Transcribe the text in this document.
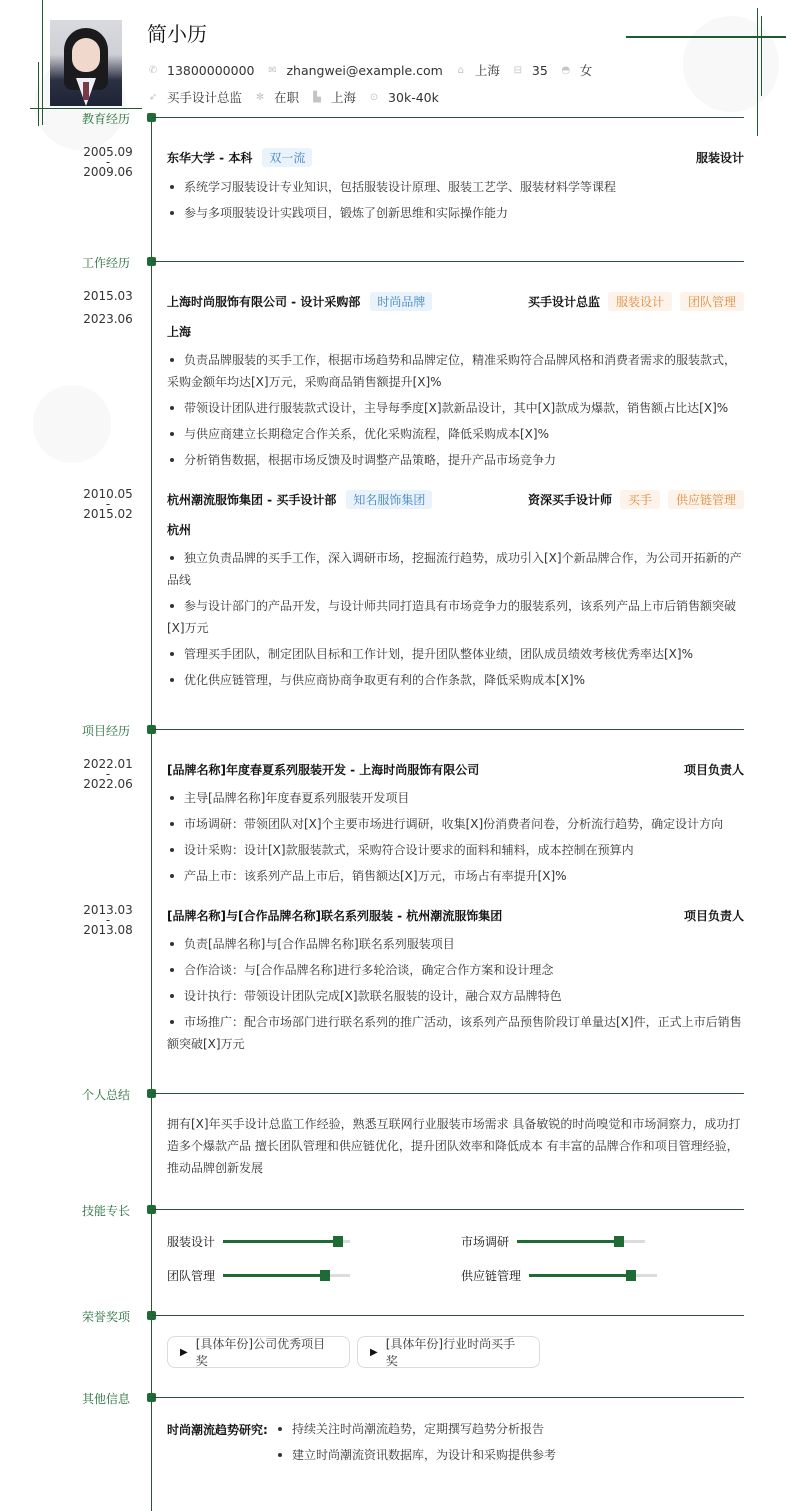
简小历
✆ 13800000000 ✉ zhangwei@example.com ⌂ 上海 ⊟ 35 ◓ 女
➶ 买手设计总监 ✻ 在职 ▙ 上海 ⊙ 30k-40k
教育经历
2005.09
-
2009.06
东华大学 - 本科	双一流	服装设计
系统学习服装设计专业知识，包括服装设计原理、服装工艺学、服装材料学等课程
参与多项服装设计实践项目，锻炼了创新思维和实际操作能力
工作经历
2015.03

2023.06
上海时尚服饰有限公司 - 设计采购部	时尚品牌	买手设计总监	服装设计	团队管理
上海
负责品牌服装的买手工作，根据市场趋势和品牌定位，精准采购符合品牌风格和消费者需求的服装款式，采购金额年均达[X]万元，采购商品销售额提升[X]%
带领设计团队进行服装款式设计，主导每季度[X]款新品设计，其中[X]款成为爆款，销售额占比达[X]%
与供应商建立长期稳定合作关系，优化采购流程，降低采购成本[X]%
分析销售数据，根据市场反馈及时调整产品策略，提升产品市场竞争力
2010.05
-
2015.02
杭州潮流服饰集团 - 买手设计部	知名服饰集团	资深买手设计师	买手	供应链管理
杭州
独立负责品牌的买手工作，深入调研市场，挖掘流行趋势，成功引入[X]个新品牌合作，为公司开拓新的产品线
参与设计部门的产品开发，与设计师共同打造具有市场竞争力的服装系列，该系列产品上市后销售额突破[X]万元
管理买手团队，制定团队目标和工作计划，提升团队整体业绩，团队成员绩效考核优秀率达[X]%
优化供应链管理，与供应商协商争取更有利的合作条款，降低采购成本[X]%
项目经历
2022.01
-
2022.06
[品牌名称]年度春夏系列服装开发 - 上海时尚服饰有限公司	项目负责人
主导[品牌名称]年度春夏系列服装开发项目
市场调研：带领团队对[X]个主要市场进行调研，收集[X]份消费者问卷，分析流行趋势，确定设计方向
设计采购：设计[X]款服装款式，采购符合设计要求的面料和辅料，成本控制在预算内
产品上市：该系列产品上市后，销售额达[X]万元，市场占有率提升[X]%
2013.03
-
2013.08
[品牌名称]与[合作品牌名称]联名系列服装 - 杭州潮流服饰集团	项目负责人
负责[品牌名称]与[合作品牌名称]联名系列服装项目
合作洽谈：与[合作品牌名称]进行多轮洽谈，确定合作方案和设计理念
设计执行：带领设计团队完成[X]款联名服装的设计，融合双方品牌特色
市场推广：配合市场部门进行联名系列的推广活动，该系列产品预售阶段订单量达[X]件，正式上市后销售额突破[X]万元
个人总结
拥有[X]年买手设计总监工作经验，熟悉互联网行业服装市场需求 具备敏锐的时尚嗅觉和市场洞察力，成功打造多个爆款产品 擅长团队管理和供应链优化，提升团队效率和降低成本 有丰富的品牌合作和项目管理经验，推动品牌创新发展
技能专长
服装设计	市场调研
团队管理	供应链管理
荣誉奖项
▶
[具体年份]公司优秀项目奖
▶
[具体年份]行业时尚买手奖
其他信息
时尚潮流趋势研究:	持续关注时尚潮流趋势，定期撰写趋势分析报告
建立时尚潮流资讯数据库，为设计和采购提供参考
